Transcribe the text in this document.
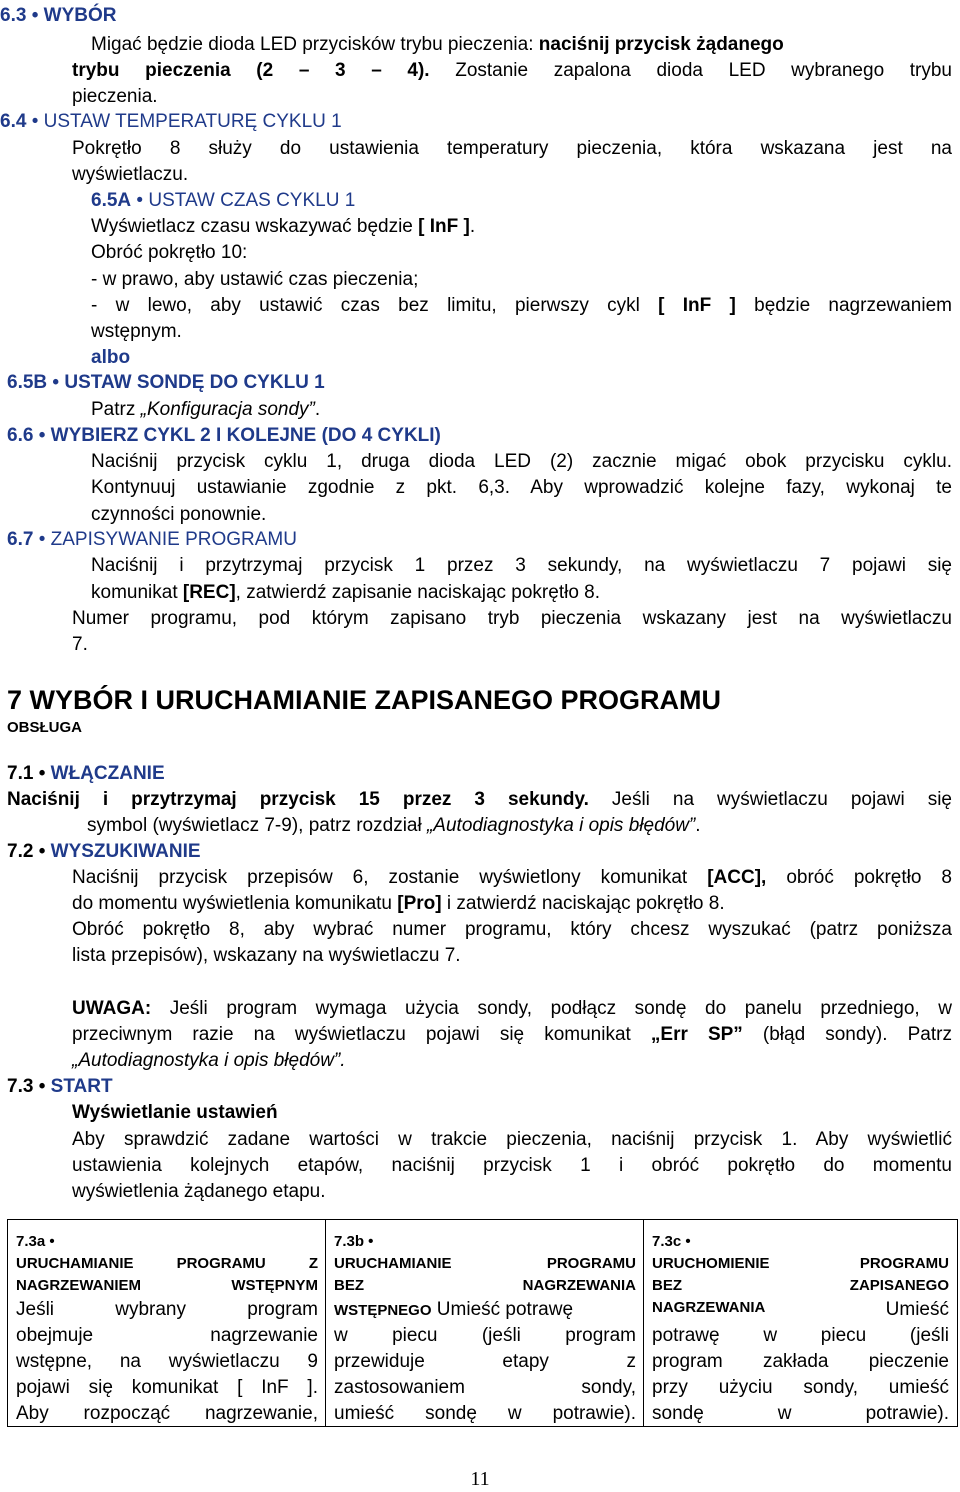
6.3 • WYBÓR
Migać będzie dioda LED przycisków trybu pieczenia: naciśnij przycisk żądanego
trybu pieczenia (2 – 3 – 4). Zostanie zapalona dioda LED wybranego trybu
pieczenia.
6.4 • USTAW TEMPERATURĘ CYKLU 1
Pokrętło 8 służy do ustawienia temperatury pieczenia, która wskazana jest na
wyświetlaczu.
6.5A • USTAW CZAS CYKLU 1
Wyświetlacz czasu wskazywać będzie [ InF ].
Obróć pokrętło 10:
- w prawo, aby ustawić czas pieczenia;
- w lewo, aby ustawić czas bez limitu, pierwszy cykl [ InF ] będzie nagrzewaniem
wstępnym.
albo
6.5B • USTAW SONDĘ DO CYKLU 1
Patrz „Konfiguracja sondy”.
6.6 • WYBIERZ CYKL 2 I KOLEJNE (DO 4 CYKLI)
Naciśnij przycisk cyklu 1, druga dioda LED (2) zacznie migać obok przycisku cyklu.
Kontynuuj ustawianie zgodnie z pkt. 6,3. Aby wprowadzić kolejne fazy, wykonaj te
czynności ponownie.
6.7 • ZAPISYWANIE PROGRAMU
Naciśnij i przytrzymaj przycisk 1 przez 3 sekundy, na wyświetlaczu 7 pojawi się
komunikat [REC], zatwierdź zapisanie naciskając pokrętło 8.
Numer programu, pod którym zapisano tryb pieczenia wskazany jest na wyświetlaczu
7.
7 WYBÓR I URUCHAMIANIE ZAPISANEGO PROGRAMU
OBSŁUGA
7.1 • WŁĄCZANIE
Naciśnij i przytrzymaj przycisk 15 przez 3 sekundy. Jeśli na wyświetlaczu pojawi się
symbol (wyświetlacz 7-9), patrz rozdział „Autodiagnostyka i opis błędów”.
7.2 • WYSZUKIWANIE
Naciśnij przycisk przepisów 6, zostanie wyświetlony komunikat [ACC], obróć pokrętło 8
do momentu wyświetlenia komunikatu [Pro] i zatwierdź naciskając pokrętło 8.
Obróć pokrętło 8, aby wybrać numer programu, który chcesz wyszukać (patrz poniższa
lista przepisów), wskazany na wyświetlaczu 7.
UWAGA: Jeśli program wymaga użycia sondy, podłącz sondę do panelu przedniego, w
przeciwnym razie na wyświetlaczu pojawi się komunikat „Err SP” (błąd sondy). Patrz
„Autodiagnostyka i opis błędów”.
7.3 • START
Wyświetlanie ustawień
Aby sprawdzić zadane wartości w trakcie pieczenia, naciśnij przycisk 1. Aby wyświetlić
ustawienia kolejnych etapów, naciśnij przycisk 1 i obróć pokrętło do momentu
wyświetlenia żądanego etapu.
7.3a •
URUCHAMIANIE PROGRAMU Z
NAGRZEWANIEM WSTĘPNYM
Jeśli wybrany program
obejmuje nagrzewanie
wstępne, na wyświetlaczu 9
pojawi się komunikat [ InF ].
Aby rozpocząć nagrzewanie,
7.3b •
URUCHAMIANIE PROGRAMU
BEZ NAGRZEWANIA
WSTĘPNEGO Umieść potrawę
w piecu (jeśli program
przewiduje etapy z
zastosowaniem sondy,
umieść sondę w potrawie).
7.3c •
URUCHOMIENIE PROGRAMU
BEZ ZAPISANEGO
NAGRZEWANIA	Umieść
potrawę w piecu (jeśli
program zakłada pieczenie
przy użyciu sondy, umieść
sondę w potrawie).
11
